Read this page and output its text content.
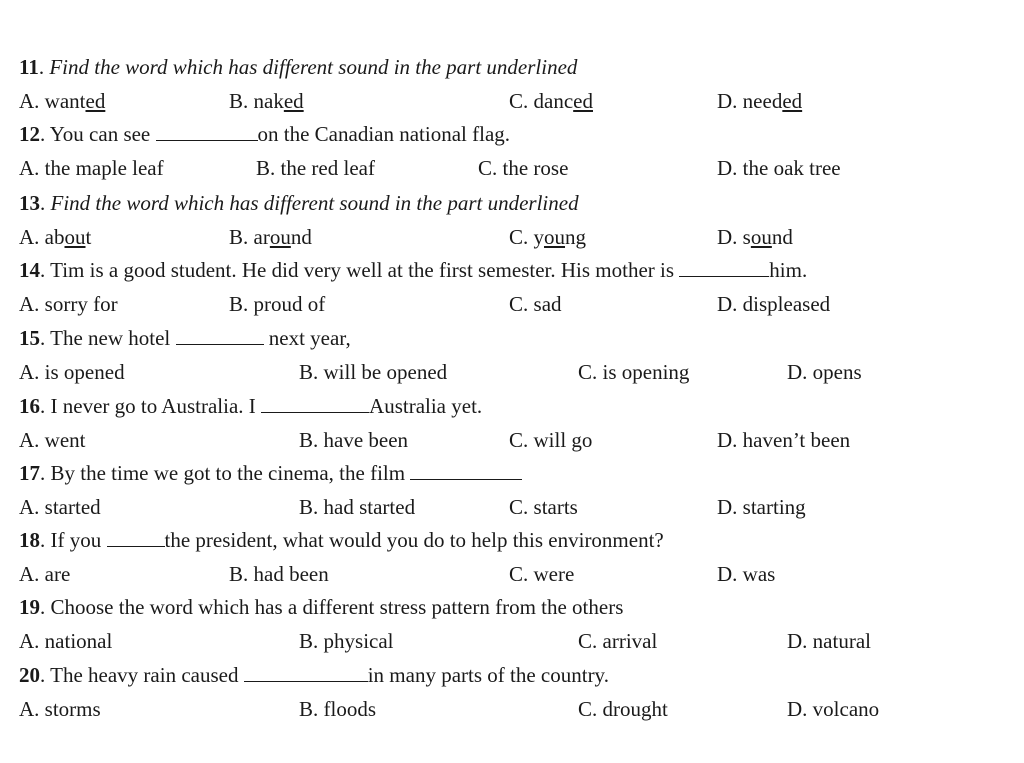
11. Find the word which has different sound in the part underlined
A. wanted	B. naked	C. danced	D. needed
12. You can see	on the Canadian national flag.
A. the maple leaf	B. the red leaf	C. the rose	D. the oak tree
13. Find the word which has different sound in the part underlined
A. about	B. around	C. young	D. sound
14. Tim is a good student. He did very well at the first semester. His mother is	him.
A. sorry for	B. proud of	C. sad	D. displeased
15. The new hotel	next year,
A. is opened	B. will be opened	C. is opening	D. opens
16. I never go to Australia. I	Australia yet.
A. went	B. have been	C. will go	D. haven’t been
17. By the time we got to the cinema, the film
A. started	B. had started	C. starts	D. starting
18. If you	the president, what would you do to help this environment?
A. are	B. had been	C. were	D. was
19. Choose the word which has a different stress pattern from the others
A. national	B. physical	C. arrival	D. natural
20. The heavy rain caused	in many parts of the country.
A. storms	B. floods	C. drought	D. volcano
